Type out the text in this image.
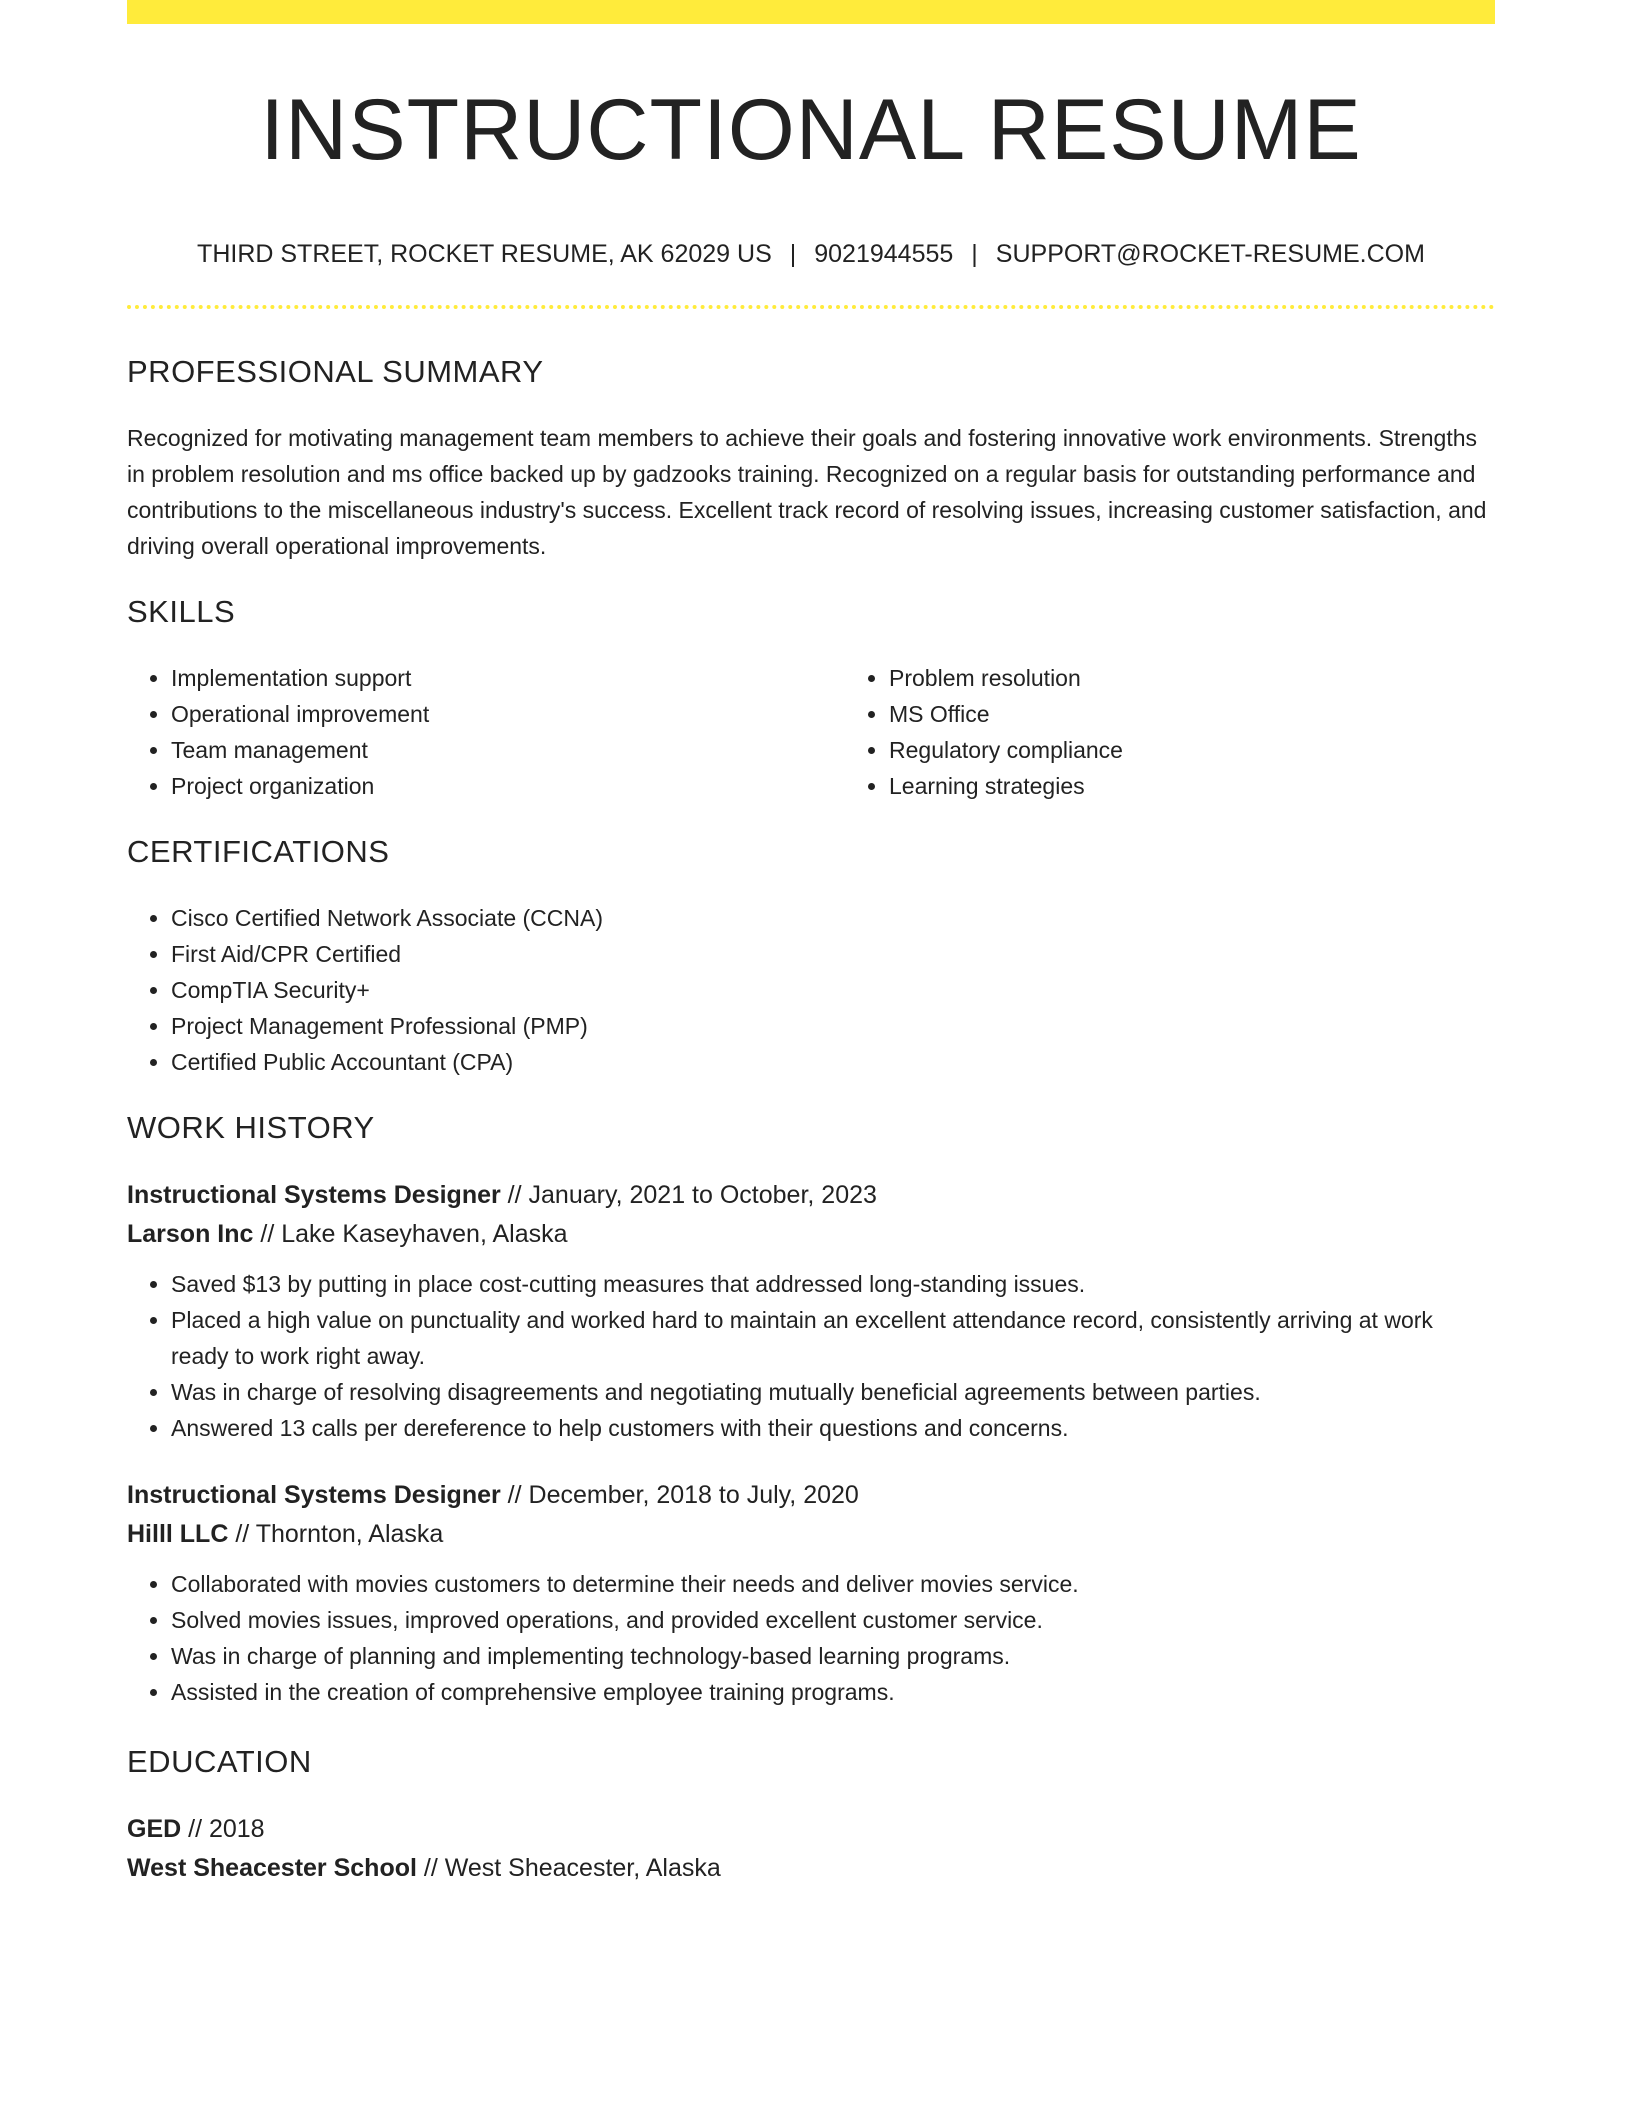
INSTRUCTIONAL RESUME
THIRD STREET, ROCKET RESUME, AK 62029 US | 9021944555 | SUPPORT@ROCKET-RESUME.COM
PROFESSIONAL SUMMARY

Recognized for motivating management team members to achieve their goals and fostering innovative work environments. Strengths in problem resolution and ms office backed up by gadzooks training. Recognized on a regular basis for outstanding performance and contributions to the miscellaneous industry's success. Excellent track record of resolving issues, increasing customer satisfaction, and driving overall operational improvements.

SKILLS
• Implementation support
• Operational improvement
• Team management
• Project organization
• Problem resolution
• MS Office
• Regulatory compliance
• Learning strategies
CERTIFICATIONS
• Cisco Certified Network Associate (CCNA)
• First Aid/CPR Certified
• CompTIA Security+
• Project Management Professional (PMP)
• Certified Public Accountant (CPA)
WORK HISTORY

Instructional Systems Designer // January, 2021 to October, 2023

Larson Inc // Lake Kaseyhaven, Alaska

• Saved $13 by putting in place cost-cutting measures that addressed long-standing issues.
• Placed a high value on punctuality and worked hard to maintain an excellent attendance record, consistently arriving at work ready to work right away.
• Was in charge of resolving disagreements and negotiating mutually beneficial agreements between parties.
• Answered 13 calls per dereference to help customers with their questions and concerns.

Instructional Systems Designer // December, 2018 to July, 2020

Hilll LLC // Thornton, Alaska

• Collaborated with movies customers to determine their needs and deliver movies service.
• Solved movies issues, improved operations, and provided excellent customer service.
• Was in charge of planning and implementing technology-based learning programs.
• Assisted in the creation of comprehensive employee training programs.
EDUCATION

GED // 2018

West Sheacester School // West Sheacester, Alaska
